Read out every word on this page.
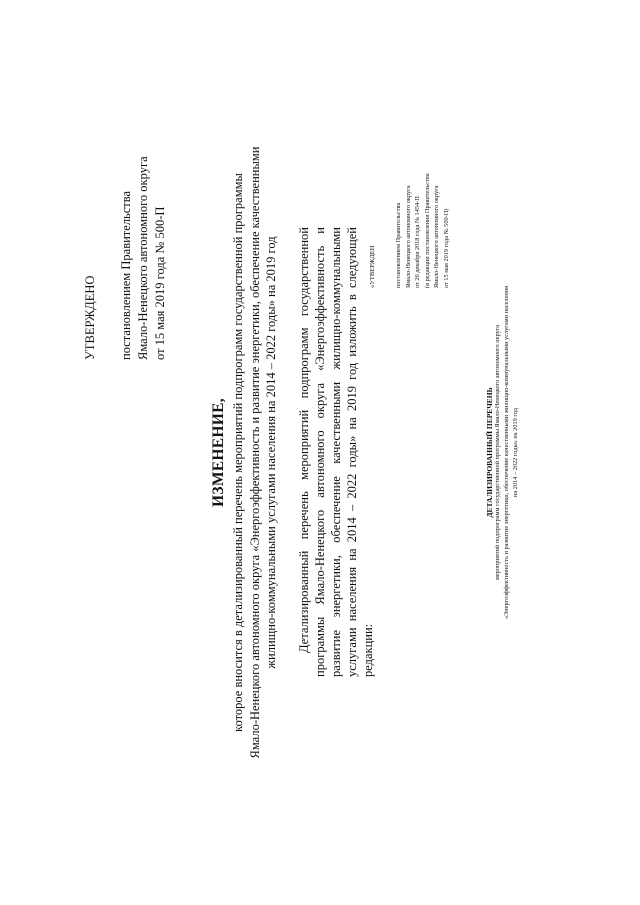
УТВЕРЖДЕНО постановлением Правительства Ямало-Ненецкого автономного округа от 15 мая 2019 года № 500-П
ИЗМЕНЕНИЕ, которое вносится в детализированный перечень мероприятий подпрограмм государственной программы Ямало-Ненецкого автономного округа «Энергоэффективность и развитие энергетики, обеспечение качественными жилищно-коммунальными услугами населения на 2014 – 2022 годы» на 2019 год Детализированный перечень мероприятий подпрограмм государственной программы Ямало-Ненецкого автономного округа «Энергоэффективность и развитие энергетики, обеспечение качественными жилищно-коммунальными услугами населения на 2014 – 2022 годы» на 2019 год изложить в следующей редакции:
«УТВЕРЖДЕН	постановлением Правительства Ямало-Ненецкого автономного округа от 26 декабря 2018 года № 1454-П (в редакции постановления Правительства Ямало-Ненецкого автономного округа от 15 мая 2019 года № 500-П)
ДЕТАЛИЗИРОВАННЫЙ ПЕРЕЧЕНЬ мероприятий подпрограмм государственной программы Ямало-Ненецкого автономного округа «Энергоэффективность и развитие энергетики, обеспечение качественными жилищно-коммунальными услугами населения на 2014 – 2022 годы» на 2019 год
